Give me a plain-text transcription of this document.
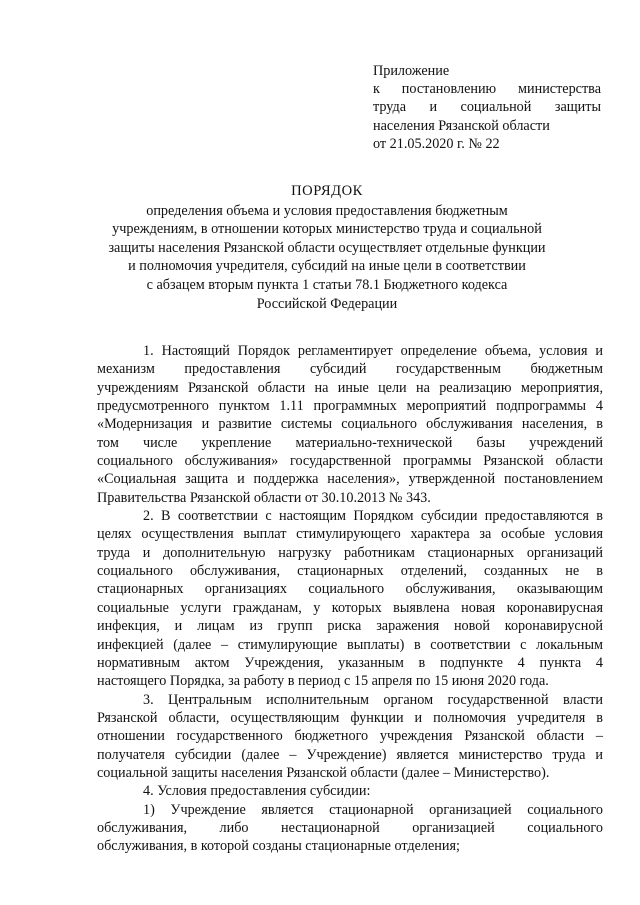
Приложение
к постановлению министерства
труда и социальной защиты
населения Рязанской области
от 21.05.2020 г. № 22
ПОРЯДОК
определения объема и условия предоставления бюджетным
учреждениям, в отношении которых министерство труда и социальной
защиты населения Рязанской области осуществляет отдельные функции
и полномочия учредителя, субсидий на иные цели в соответствии
с абзацем вторым пункта 1 статьи 78.1 Бюджетного кодекса
Российской Федерации
1. Настоящий Порядок регламентирует определение объема, условия и
механизм предоставления субсидий государственным бюджетным
учреждениям Рязанской области на иные цели на реализацию мероприятия,
предусмотренного пунктом 1.11 программных мероприятий подпрограммы 4
«Модернизация и развитие системы социального обслуживания населения, в
том числе укрепление материально-технической базы учреждений
социального обслуживания» государственной программы Рязанской области
«Социальная защита и поддержка населения», утвержденной постановлением
Правительства Рязанской области от 30.10.2013 № 343.
2. В соответствии с настоящим Порядком субсидии предоставляются в
целях осуществления выплат стимулирующего характера за особые условия
труда и дополнительную нагрузку работникам стационарных организаций
социального обслуживания, стационарных отделений, созданных не в
стационарных организациях социального обслуживания, оказывающим
социальные услуги гражданам, у которых выявлена новая коронавирусная
инфекция, и лицам из групп риска заражения новой коронавирусной
инфекцией (далее – стимулирующие выплаты) в соответствии с локальным
нормативным актом Учреждения, указанным в подпункте 4 пункта 4
настоящего Порядка, за работу в период с 15 апреля по 15 июня 2020 года.
3. Центральным исполнительным органом государственной власти
Рязанской области, осуществляющим функции и полномочия учредителя в
отношении государственного бюджетного учреждения Рязанской области –
получателя субсидии (далее – Учреждение) является министерство труда и
социальной защиты населения Рязанской области (далее – Министерство).
4. Условия предоставления субсидии:
1) Учреждение является стационарной организацией социального
обслуживания, либо нестационарной организацией социального
обслуживания, в которой созданы стационарные отделения;
